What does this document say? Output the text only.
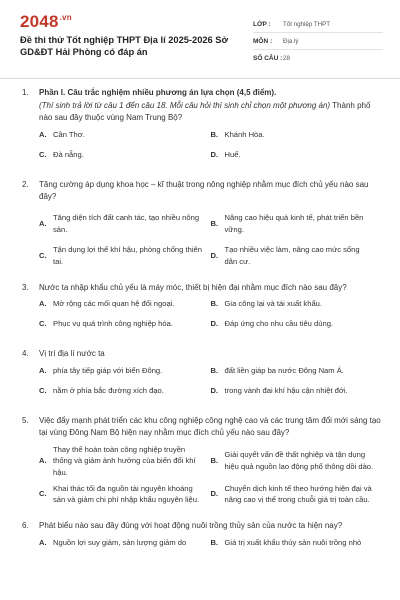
$2048^{.vn}$
Đề thi thử Tốt nghiệp THPT Địa lí 2025-2026 Sở GD&ĐT Hải Phòng có đáp án
LỚP :	Tốt nghiệp THPT
MÔN :	Địa lý
SỐ CÂU : 28
1. Phần I. Câu trắc nghiệm nhiều phương án lựa chọn (4,5 điểm).
(Thí sinh trả lời từ câu 1 đến câu 18. Mỗi câu hỏi thí sinh chỉ chọn một phương án) Thành phố nào sau đây thuộc vùng Nam Trung Bộ?
A. Cần Thơ.	B. Khánh Hòa.
C. Đà nẵng.	D. Huế.
2. Tăng cường áp dụng khoa học – kĩ thuật trong nông nghiệp nhằm mục đích chủ yếu nào sau đây?
A.
Tăng diện tích đất canh tác, tạo nhiều nông sản.
B.
Nâng cao hiệu quả kinh tế, phát triển bền vững.
C.
Tận dụng lợi thế khí hậu, phòng chống thiên tai.
D.
Tạo nhiều việc làm, nâng cao mức sống dân cư.
3. Nước ta nhập khẩu chủ yếu là máy móc, thiết bị hiện đại nhằm mục đích nào sau đây?
A. Mở rộng các mối quan hệ đối ngoại.	B. Gia công lại và tái xuất khẩu.
C. Phục vụ quá trình công nghiệp hóa.	D. Đáp ứng cho nhu cầu tiêu dùng.
4. Vị trí địa lí nước ta
A. phía tây tiếp giáp với biển Đông.	B. đất liền giáp ba nước Đông Nam Á.
C. nằm ở phía bắc đường xích đạo.	D. trong vành đai khí hậu cận nhiệt đới.
5. Việc đẩy mạnh phát triển các khu công nghiệp công nghệ cao và các trung tâm đổi mới sáng tạo tại vùng Đông Nam Bộ hiện nay nhằm mục đích chủ yếu nào sau đây?
A.
Thay thế hoàn toàn công nghiệp truyền thống và giảm ảnh hưởng của biến đổi khí hậu.
B.
Giải quyết vấn đề thất nghiệp và tận dụng hiệu quả nguồn lao động phổ thông dồi dào.
C.
Khai thác tối đa nguồn tài nguyên khoáng sản và giảm chi phí nhập khẩu nguyên liệu.
D.
Chuyển dịch kinh tế theo hướng hiện đại và nâng cao vị thế trong chuỗi giá trị toàn cầu.
6. Phát biểu nào sau đây đúng với hoạt động nuôi trồng thủy sản của nước ta hiện nay?
A. Nguồn lợi suy giảm, sản lượng giảm do	B. Giá trị xuất khẩu thủy sản nuôi trồng nhỏ
